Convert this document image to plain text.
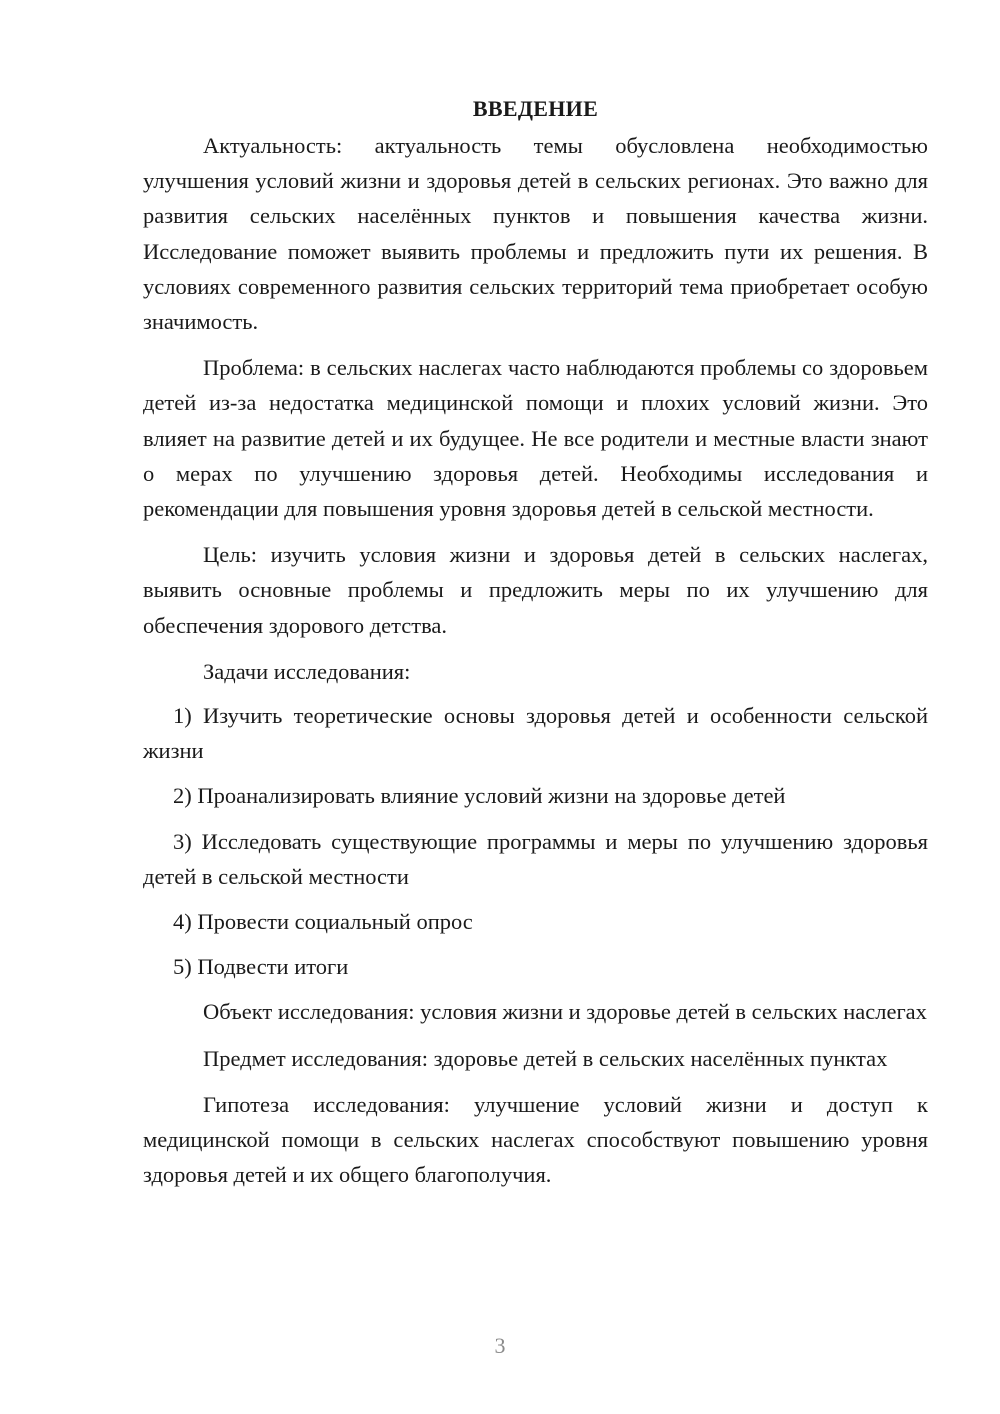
ВВЕДЕНИЕ

Актуальность: актуальность темы обусловлена необходимостью улучшения условий жизни и здоровья детей в сельских регионах. Это важно для развития сельских населённых пунктов и повышения качества жизни. Исследование поможет выявить проблемы и предложить пути их решения. В условиях современного развития сельских территорий тема приобретает особую значимость.

Проблема: в сельских наслегах часто наблюдаются проблемы со здоровьем детей из-за недостатка медицинской помощи и плохих условий жизни. Это влияет на развитие детей и их будущее. Не все родители и местные власти знают о мерах по улучшению здоровья детей. Необходимы исследования и рекомендации для повышения уровня здоровья детей в сельской местности.

Цель: изучить условия жизни и здоровья детей в сельских наслегах, выявить основные проблемы и предложить меры по их улучшению для обеспечения здорового детства.

Задачи исследования:

1) Изучить теоретические основы здоровья детей и особенности сельской жизни

2) Проанализировать влияние условий жизни на здоровье детей

3) Исследовать существующие программы и меры по улучшению здоровья детей в сельской местности

4) Провести социальный опрос

5) Подвести итоги

Объект исследования: условия жизни и здоровье детей в сельских наслегах

Предмет исследования: здоровье детей в сельских населённых пунктах

Гипотеза исследования: улучшение условий жизни и доступ к медицинской помощи в сельских наслегах способствуют повышению уровня здоровья детей и их общего благополучия.

3
